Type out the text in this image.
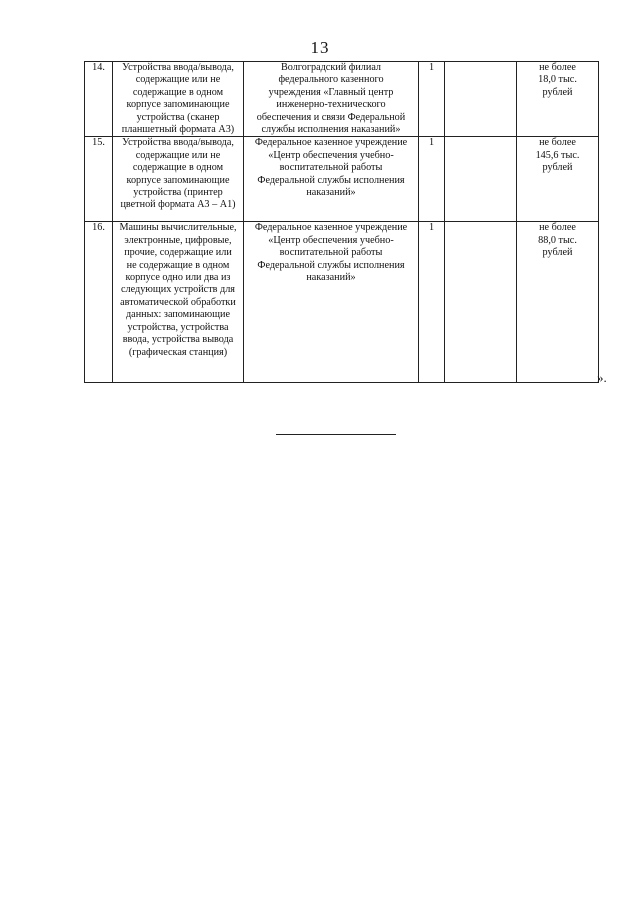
13
14.	Устройства ввода/вывода, содержащие или не содержащие в одном корпусе запоминающие устройства (сканер планшетный формата А3)	Волгоградский филиал федерального казенного учреждения «Главный центр инженерно-технического обеспечения и связи Федеральной службы исполнения наказаний»	1		не более 18,0 тыс. рублей

15.	Устройства ввода/вывода, содержащие или не содержащие в одном корпусе запоминающие устройства (принтер цветной формата А3 – А1)	Федеральное казенное учреждение «Центр обеспечения учебно-воспитательной работы Федеральной службы исполнения наказаний»	1		не более 145,6 тыс. рублей

16.	Машины вычислительные, электронные, цифровые, прочие, содержащие или не содержащие в одном корпусе одно или два из следующих устройств для автоматической обработки данных: запоминающие устройства, устройства ввода, устройства вывода (графическая станция)	Федеральное казенное учреждение «Центр обеспечения учебно-воспитательной работы Федеральной службы исполнения наказаний»	1		не более 88,0 тыс. рублей
».
